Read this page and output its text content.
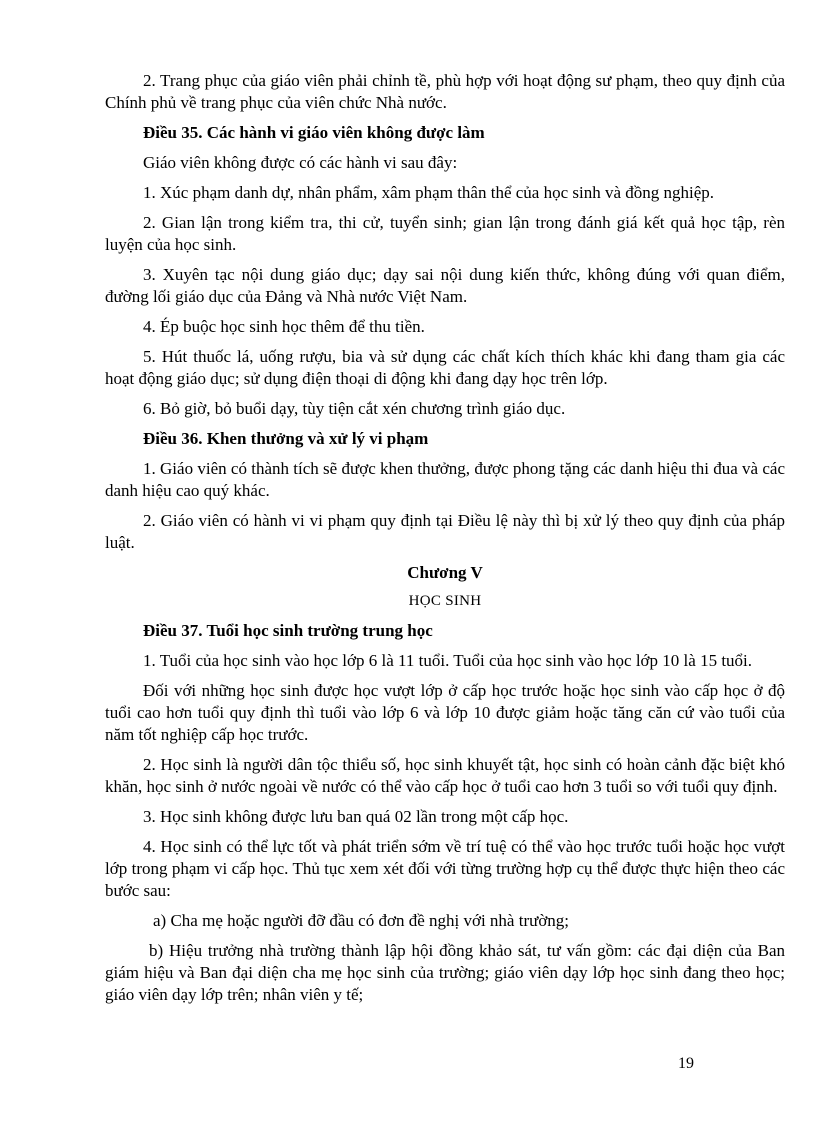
2. Trang phục của giáo viên phải chỉnh tề, phù hợp với hoạt động sư phạm, theo quy định của Chính phủ về trang phục của viên chức Nhà nước.

Điều 35. Các hành vi giáo viên không được làm

Giáo viên không được có các hành vi sau đây:

1. Xúc phạm danh dự, nhân phẩm, xâm phạm thân thể của học sinh và đồng nghiệp.

2. Gian lận trong kiểm tra, thi cử, tuyển sinh; gian lận trong đánh giá kết quả học tập, rèn luyện của học sinh.

3. Xuyên tạc nội dung giáo dục; dạy sai nội dung kiến thức, không đúng với quan điểm, đường lối giáo dục của Đảng và Nhà nước Việt Nam.

4. Ép buộc học sinh học thêm để thu tiền.

5. Hút thuốc lá, uống rượu, bia và sử dụng các chất kích thích khác khi đang tham gia các hoạt động giáo dục; sử dụng điện thoại di động khi đang dạy học trên lớp.

6. Bỏ giờ, bỏ buổi dạy, tùy tiện cắt xén chương trình giáo dục.

Điều 36. Khen thưởng và xử lý vi phạm

1. Giáo viên có thành tích sẽ được khen thưởng, được phong tặng các danh hiệu thi đua và các danh hiệu cao quý khác.

2. Giáo viên có hành vi vi phạm quy định tại Điều lệ này thì bị xử lý theo quy định của pháp luật.

Chương V

HỌC SINH

Điều 37. Tuổi học sinh trường trung học

1. Tuổi của học sinh vào học lớp 6 là 11 tuổi. Tuổi của học sinh vào học lớp 10 là 15 tuổi.

Đối với những học sinh được học vượt lớp ở cấp học trước hoặc học sinh vào cấp học ở độ tuổi cao hơn tuổi quy định thì tuổi vào lớp 6 và lớp 10 được giảm hoặc tăng căn cứ vào tuổi của năm tốt nghiệp cấp học trước.

2. Học sinh là người dân tộc thiểu số, học sinh khuyết tật, học sinh có hoàn cảnh đặc biệt khó khăn, học sinh ở nước ngoài về nước có thể vào cấp học ở tuổi cao hơn 3 tuổi so với tuổi quy định.

3. Học sinh không được lưu ban quá 02 lần trong một cấp học.

4. Học sinh có thể lực tốt và phát triển sớm về trí tuệ có thể vào học trước tuổi hoặc học vượt lớp trong phạm vi cấp học. Thủ tục xem xét đối với từng trường hợp cụ thể được thực hiện theo các bước sau:

a) Cha mẹ hoặc người đỡ đầu có đơn đề nghị với nhà trường;

b) Hiệu trưởng nhà trường thành lập hội đồng khảo sát, tư vấn gồm: các đại diện của Ban giám hiệu và Ban đại diện cha mẹ học sinh của trường; giáo viên dạy lớp học sinh đang theo học; giáo viên dạy lớp trên; nhân viên y tế;

19
